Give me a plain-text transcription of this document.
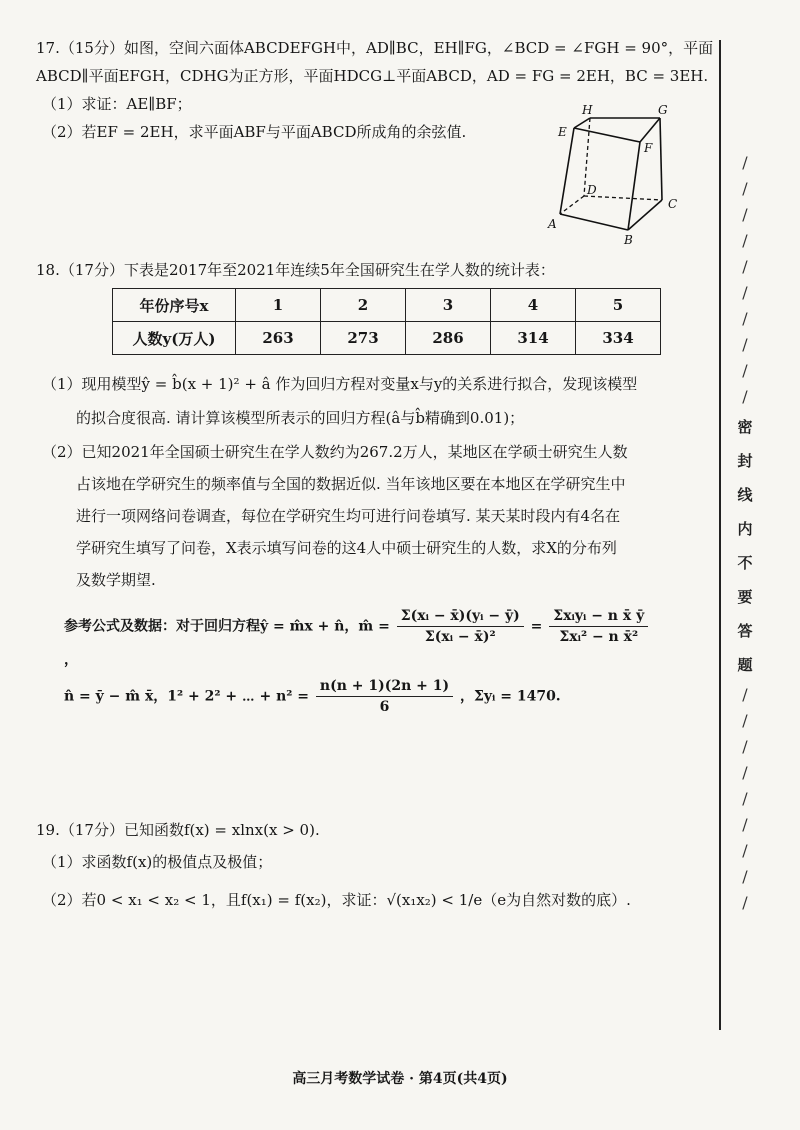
17.（15分）如图，空间六面体ABCDEFGH中，AD∥BC，EH∥FG，∠BCD = ∠FGH = 90°，平面
ABCD∥平面EFGH，CDHG为正方形，平面HDCG⊥平面ABCD，AD = FG = 2EH，BC = 3EH.
（1）求证：AE∥BF；
（2）若EF = 2EH，求平面ABF与平面ABCD所成角的余弦值.
H	G
E
F
D
C
A
B
18.（17分）下表是2017年至2021年连续5年全国研究生在学人数的统计表：
年份序号x	1	2	3	4	5
人数y(万人)	263	273	286	314	334
（1）现用模型ŷ = b̂(x + 1)² + â 作为回归方程对变量x与y的关系进行拟合，发现该模型
的拟合度很高. 请计算该模型所表示的回归方程(â与b̂精确到0.01)；
（2）已知2021年全国硕士研究生在学人数约为267.2万人，某地区在学硕士研究生人数
占该地在学研究生的频率值与全国的数据近似. 当年该地区要在本地区在学研究生中
进行一项网络问卷调查，每位在学研究生均可进行问卷填写. 某天某时段内有4名在
学研究生填写了问卷，X表示填写问卷的这4人中硕士研究生的人数，求X的分布列
及数学期望.
参考公式及数据：对于回归方程ŷ = m̂x + n̂，m̂ = $\frac{\text{Σ(xᵢ − x̄)(yᵢ − ȳ)}}{\text{Σ(xᵢ − x̄)²}} = \frac{\text{Σxᵢyᵢ − n x̄ ȳ}}{\text{Σxᵢ² − n x̄²}}$
，
n̂ = ȳ − m̂ x̄，1² + 2² + ⋯ + $n^2 = \frac{n(n + 1)(2n + 1)}{6}$ ，Σyᵢ = 1470.
19.（17分）已知函数f(x) = xlnx(x > 0).
（1）求函数f(x)的极值点及极值；
（2）若0 < x₁ < x₂ < 1，且f(x₁) = f(x₂)，求证：√(x₁x₂) < 1/e（e为自然对数的底）.
高三月考数学试卷 · 第4页(共4页)
/
/
/
/
/
/
/
/
/
/
密
封
线
内
不
要
答
题
/
/
/
/
/
/
/
/
/
